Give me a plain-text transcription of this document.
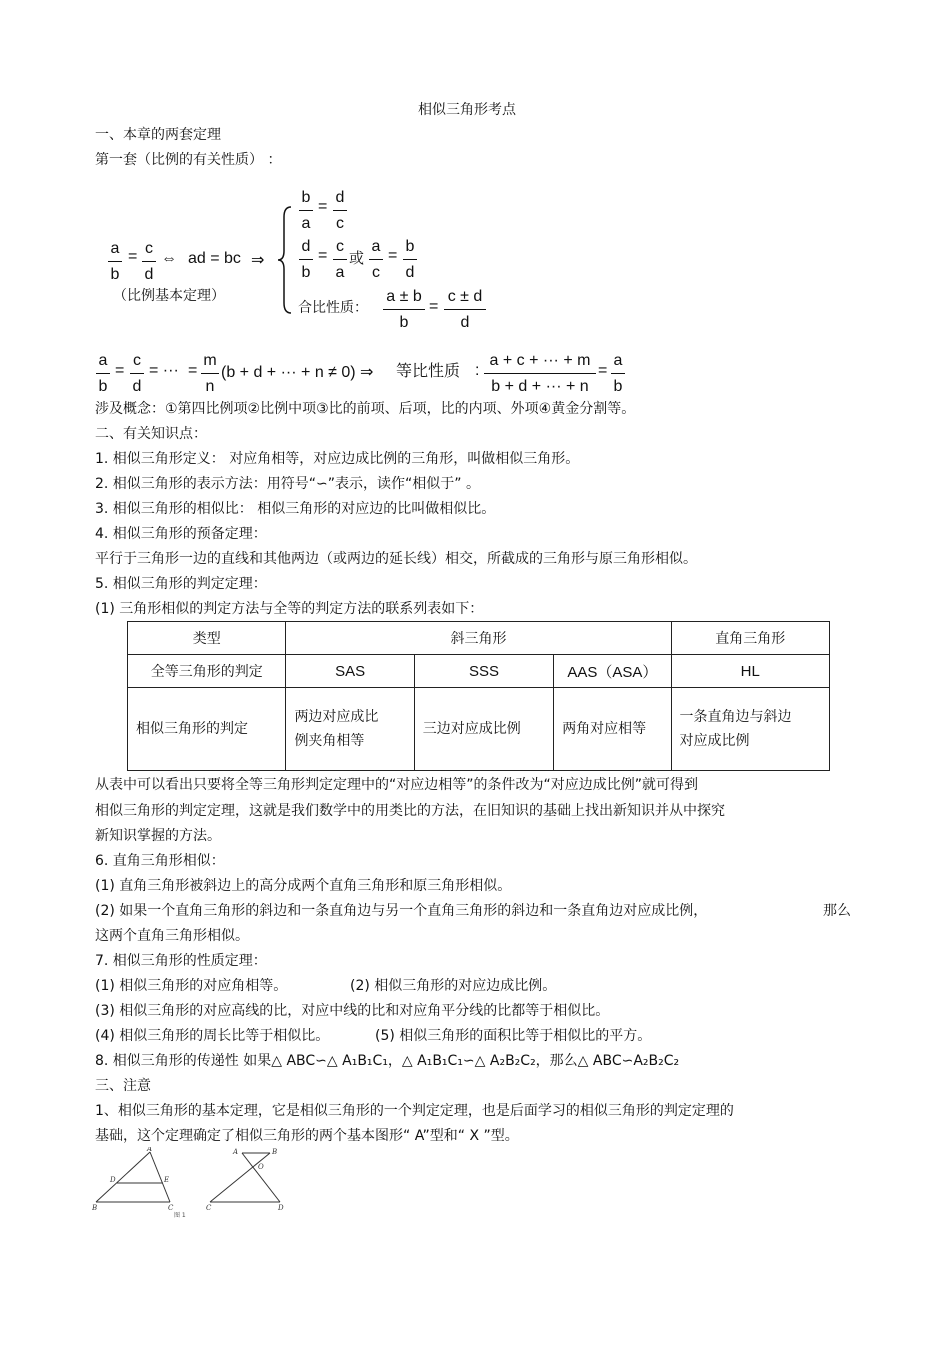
相似三角形考点
一、本章的两套定理
第一套（比例的有关性质） ：
$\frac{a}{b} = \frac{c}{d}$ ⇔ ad = bc ⇒
（比例基本定理）
$\frac{b}{a} = \frac{d}{c}$
$\frac{d}{b} = \frac{c}{a}$ 或 $\frac{a}{c} = \frac{b}{d}$
合比性质： $\frac{a \pm b}{b} = \frac{c \pm d}{d}$
$\frac{a}{b} = \frac{c}{d}$ = ··· = $\frac{m}{n} (b + d$ + ··· + n ≠ 0) ⇒ 等比性质 : $\frac{a + c + \cdot\cdot\cdot + m}{b + d + \cdot\cdot\cdot + n} = \frac{a}{b}$
涉及概念：①第四比例项②比例中项③比的前项、后项，比的内项、外项④黄金分割等。
二、有关知识点：
1. 相似三角形定义： 对应角相等，对应边成比例的三角形，叫做相似三角形。
2. 相似三角形的表示方法：用符号“∽”表示，读作“相似于” 。
3. 相似三角形的相似比： 相似三角形的对应边的比叫做相似比。
4. 相似三角形的预备定理：
平行于三角形一边的直线和其他两边（或两边的延长线）相交，所截成的三角形与原三角形相似。
5. 相似三角形的判定定理：
(1) 三角形相似的判定方法与全等的判定方法的联系列表如下：
类型	斜三角形			直角三角形
全等三角形的判定	SAS	SSS	AAS（ASA）	HL
相似三角形的判定	两边对应成比
例夹角相等	三边对应成比例	两角对应相等	一条直角边与斜边
对应成比例
从表中可以看出只要将全等三角形判定定理中的“对应边相等”的条件改为“对应边成比例”就可得到
相似三角形的判定定理，这就是我们数学中的用类比的方法，在旧知识的基础上找出新知识并从中探究
新知识掌握的方法。
6. 直角三角形相似：
(1) 直角三角形被斜边上的高分成两个直角三角形和原三角形相似。
(2) 如果一个直角三角形的斜边和一条直角边与另一个直角三角形的斜边和一条直角边对应成比例，	那么
这两个直角三角形相似。
7. 相似三角形的性质定理：
(1) 相似三角形的对应角相等。	(2) 相似三角形的对应边成比例。
(3) 相似三角形的对应高线的比，对应中线的比和对应角平分线的比都等于相似比。
(4) 相似三角形的周长比等于相似比。	(5) 相似三角形的面积比等于相似比的平方。
8. 相似三角形的传递性 如果△ ABC∽△ A₁B₁C₁，△ A₁B₁C₁∽△ A₂B₂C₂，那么△ ABC∽A₂B₂C₂
三、注意
1、相似三角形的基本定理，它是相似三角形的一个判定定理，也是后面学习的相似三角形的判定定理的
基础，这个定理确定了相似三角形的两个基本图形“ A”型和“ X ”型。
A
B	C
D	E
A	B
C	D
O
图 1
